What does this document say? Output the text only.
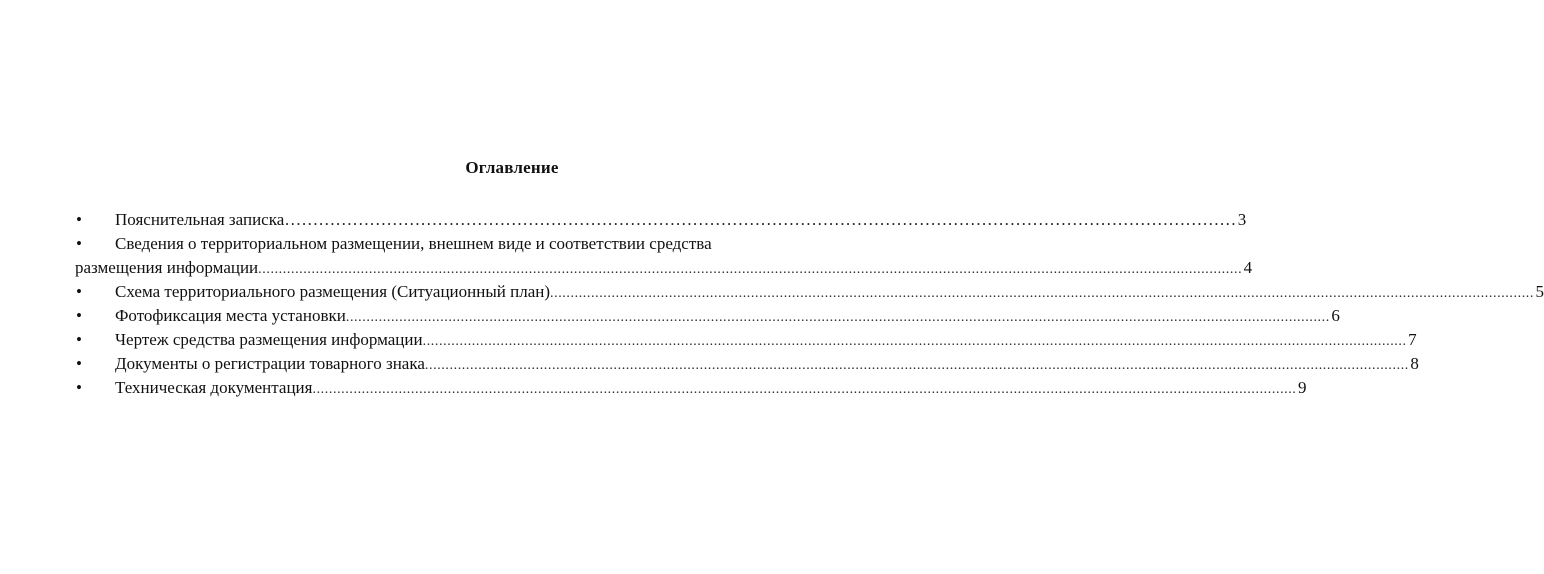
Оглавление
• Пояснительная записка …………………………………………………………………………………………………………………………………………………… 3
• Сведения о территориальном размещении, внешнем виде и соответствии средства
размещения информации ................................................................................................................................................................................................................................................ 4
• Схема территориального размещения (Ситуационный план) ................................................................................................................................................................................................................................................ 5
• Фотофиксация места установки ................................................................................................................................................................................................................................................ 6
• Чертеж средства размещения информации ................................................................................................................................................................................................................................................ 7
• Документы о регистрации товарного знака ................................................................................................................................................................................................................................................ 8
• Техническая документация ................................................................................................................................................................................................................................................ 9
